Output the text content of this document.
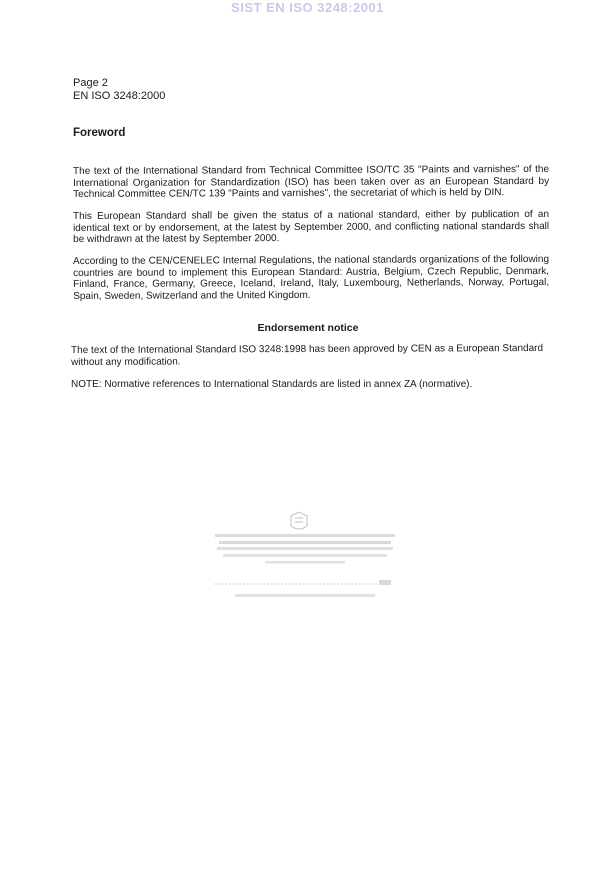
SIST EN ISO 3248:2001
Page 2
EN ISO 3248:2000
Foreword
The text of the International Standard from Technical Committee ISO/TC 35 "Paints and varnishes" of the International Organization for Standardization (ISO) has been taken over as an European Standard by Technical Committee CEN/TC 139 "Paints and varnishes", the secretariat of which is held by DIN.
This European Standard shall be given the status of a national standard, either by publication of an identical text or by endorsement, at the latest by September 2000, and conflicting national standards shall be withdrawn at the latest by September 2000.
According to the CEN/CENELEC Internal Regulations, the national standards organizations of the following countries are bound to implement this European Standard: Austria, Belgium, Czech Republic, Denmark, Finland, France, Germany, Greece, Iceland, Ireland, Italy, Luxembourg, Netherlands, Norway, Portugal, Spain, Sweden, Switzerland and the United Kingdom.
Endorsement notice
The text of the International Standard ISO 3248:1998 has been approved by CEN as a European Standard without any modification.
NOTE: Normative references to International Standards are listed in annex ZA (normative).
